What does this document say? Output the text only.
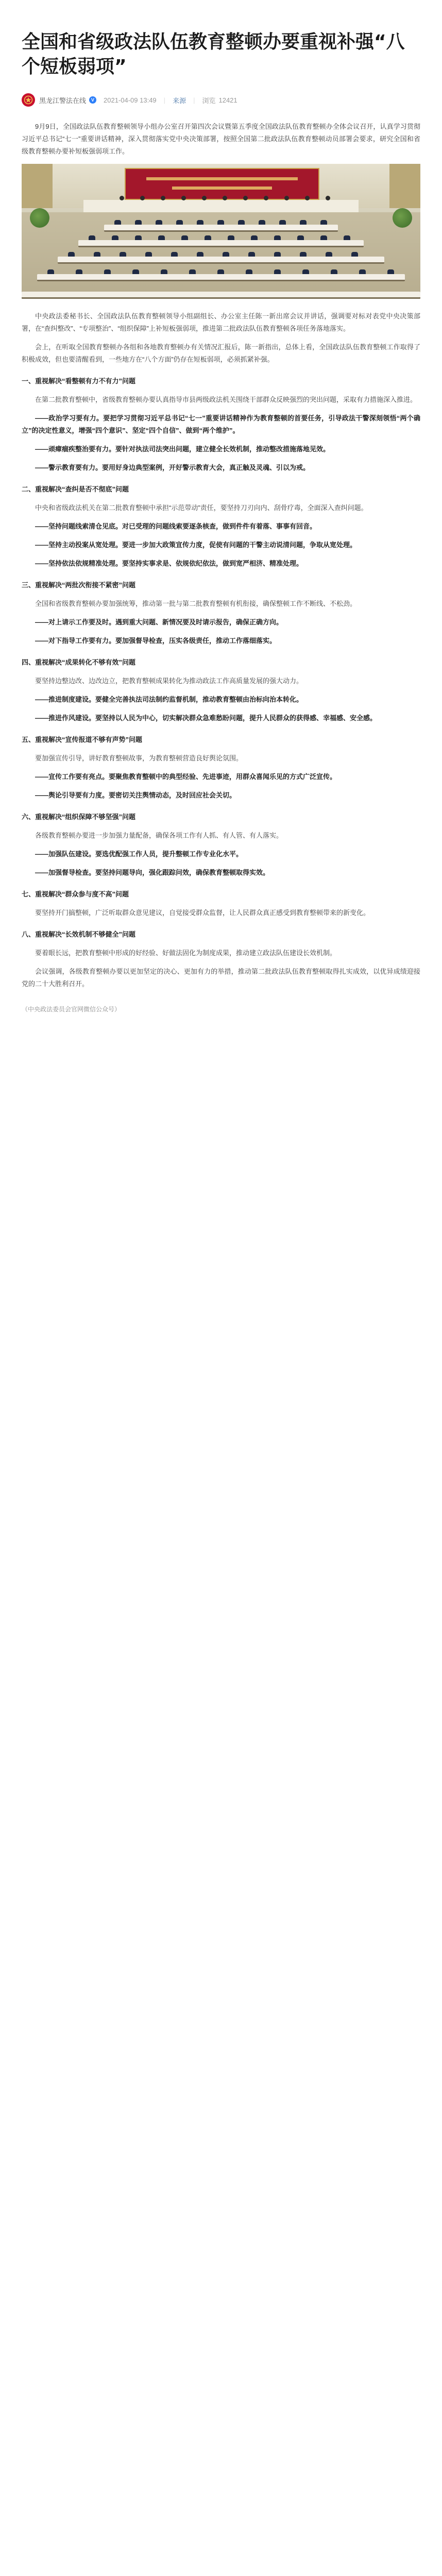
全国和省级政法队伍教育整顿办要重视补强“八个短板弱项”
黑龙江警法在线	V	2021-04-09 13:49 | 来源 | 浏览 12421

9月9日，全国政法队伍教育整顿领导小组办公室召开第四次会议暨第五季度全国政法队伍教育整顿办全体会议召开，认真学习贯彻习近平总书记“七一”重要讲话精神，深入贯彻落实党中央决策部署，按照全国第二批政法队伍教育整顿动员部署会要求，研究全国和省级教育整顿办要补短板强弱项工作。

中央政法委秘书长、全国政法队伍教育整顿领导小组副组长、办公室主任陈一新出席会议并讲话，强调要对标对表党中央决策部署，在“查纠整改”、“专项整治”、“组织保障”上补短板强弱项，推进第二批政法队伍教育整顿各项任务落地落实。

会上，在听取全国教育整顿办各组和各地教育整顿办有关情况汇报后，陈一新指出，总体上看，全国政法队伍教育整顿工作取得了积极成效，但也要清醒看到，一些地方在“八个方面”仍存在短板弱项，必须抓紧补强。

一、重视解决“看整顿有力不有力”问题

在第二批教育整顿中，省级教育整顿办要认真指导市县两级政法机关围绕干部群众反映强烈的突出问题，采取有力措施深入推进。

——政治学习要有力。要把学习贯彻习近平总书记“七一”重要讲话精神作为教育整顿的首要任务，引导政法干警深刻领悟“两个确立”的决定性意义，增强“四个意识”、坚定“四个自信”、做到“两个维护”。

——顽瘴痼疾整治要有力。要针对执法司法突出问题，建立健全长效机制，推动整改措施落地见效。

——警示教育要有力。要用好身边典型案例，开好警示教育大会，真正触及灵魂、引以为戒。

二、重视解决“查纠是否不彻底”问题

中央和省级政法机关在第二批教育整顿中承担“示范带动”责任，要坚持刀刃向内、刮骨疗毒，全面深入查纠问题。

——坚持问题线索清仓见底。对已受理的问题线索要逐条核查，做到件件有着落、事事有回音。

——坚持主动投案从宽处理。要进一步加大政策宣传力度，促使有问题的干警主动说清问题，争取从宽处理。

——坚持依法依规精准处理。要坚持实事求是、依规依纪依法，做到宽严相济、精准处理。

三、重视解决“两批次衔接不紧密”问题

全国和省级教育整顿办要加强统筹，推动第一批与第二批教育整顿有机衔接，确保整顿工作不断线、不松劲。

——对上请示工作要及时。遇到重大问题、新情况要及时请示报告，确保正确方向。

——对下指导工作要有力。要加强督导检查，压实各级责任，推动工作落细落实。

四、重视解决“成果转化不够有效”问题

要坚持边整边改、边改边立，把教育整顿成果转化为推动政法工作高质量发展的强大动力。

——推进制度建设。要健全完善执法司法制约监督机制，推动教育整顿由治标向治本转化。

——推进作风建设。要坚持以人民为中心，切实解决群众急难愁盼问题，提升人民群众的获得感、幸福感、安全感。

五、重视解决“宣传报道不够有声势”问题

要加强宣传引导，讲好教育整顿故事，为教育整顿营造良好舆论氛围。

——宣传工作要有亮点。要聚焦教育整顿中的典型经验、先进事迹，用群众喜闻乐见的方式广泛宣传。

——舆论引导要有力度。要密切关注舆情动态，及时回应社会关切。

六、重视解决“组织保障不够坚强”问题

各级教育整顿办要进一步加强力量配备，确保各项工作有人抓、有人管、有人落实。

——加强队伍建设。要选优配强工作人员，提升整顿工作专业化水平。

——加强督导检查。要坚持问题导向，强化跟踪问效，确保教育整顿取得实效。

七、重视解决“群众参与度不高”问题

要坚持开门搞整顿，广泛听取群众意见建议，自觉接受群众监督，让人民群众真正感受到教育整顿带来的新变化。

八、重视解决“长效机制不够健全”问题

要着眼长远，把教育整顿中形成的好经验、好做法固化为制度成果，推动建立政法队伍建设长效机制。

会议强调，各级教育整顿办要以更加坚定的决心、更加有力的举措，推动第二批政法队伍教育整顿取得扎实成效，以优异成绩迎接党的二十大胜利召开。

（中央政法委员会官网微信公众号）
